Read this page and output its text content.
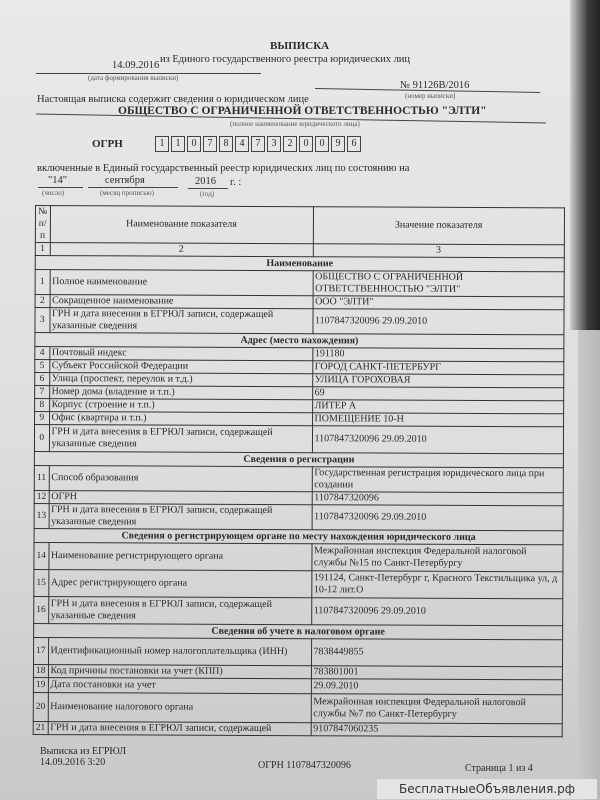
ВЫПИСКА
из Единого государственного реестра юридических лиц
14.09.2016
(дата формирования выписки)
№ 91126В/2016
(номер выписки)
Настоящая выписка содержит сведения о юридическом лице
ОБЩЕСТВО С ОГРАНИЧЕННОЙ ОТВЕТСТВЕННОСТЬЮ "ЭЛТИ"
(полное наименование юридического лица)
ОГРН	1	1	0	7	8	4	7	3	2	0	0	9	6
включенные в Единый государственный реестр юридических лиц по состоянию на
"14"	сентября	2016 г. :
(число)	(месяц прописью)	(год)
№ п/п	Наименование показателя	Значение показателя
1	2	3
Наименование		
1	Полное наименование	ОБЩЕСТВО С ОГРАНИЧЕННОЙ ОТВЕТСТВЕННОСТЬЮ "ЭЛТИ"
2	Сокращенное наименование	ООО "ЭЛТИ"
3	ГРН и дата внесения в ЕГРЮЛ записи, содержащей указанные сведения	1107847320096 29.09.2010
Адрес (место нахождения)		
4	Почтовый индекс	191180
5	Субъект Российской Федерации	ГОРОД САНКТ-ПЕТЕРБУРГ
6	Улица (проспект, переулок и т.д.)	УЛИЦА ГОРОХОВАЯ
7	Номер дома (владение и т.п.)	69
8	Корпус (строение и т.п.)	ЛИТЕР А
9	Офис (квартира и т.п.)	ПОМЕЩЕНИЕ 10-Н
0	ГРН и дата внесения в ЕГРЮЛ записи, содержащей указанные сведения	1107847320096 29.09.2010
Сведения о регистрации		
11	Способ образования	Государственная регистрация юридического лица при создании
12	ОГРН	1107847320096
13	ГРН и дата внесения в ЕГРЮЛ записи, содержащей указанные сведения	1107847320096 29.09.2010
Сведения о регистрирующем органе по месту нахождения юридического лица		
14	Наименование регистрирующего органа	Межрайонная инспекция Федеральной налоговой службы №15 по Санкт-Петербургу
15	Адрес регистрирующего органа	191124, Санкт-Петербург г, Красного Текстильщика ул, д 10-12 лит.О
16	ГРН и дата внесения в ЕГРЮЛ записи, содержащей указанные сведения	1107847320096 29.09.2010
Сведения об учете в налоговом органе		
17	Идентификационный номер налогоплательщика (ИНН)	7838449855
18	Код причины постановки на учет (КПП)	783801001
19	Дата постановки на учет	29.09.2010
20	Наименование налогового органа	Межрайонная инспекция Федеральной налоговой службы №7 по Санкт-Петербургу
21	ГРН и дата внесения в ЕГРЮЛ записи, содержащей	9107847060235
Выписка из ЕГРЮЛ
14.09.2016 3:20	ОГРН 1107847320096	Страница 1 из 4
БесплатныеОбъявления.рф
